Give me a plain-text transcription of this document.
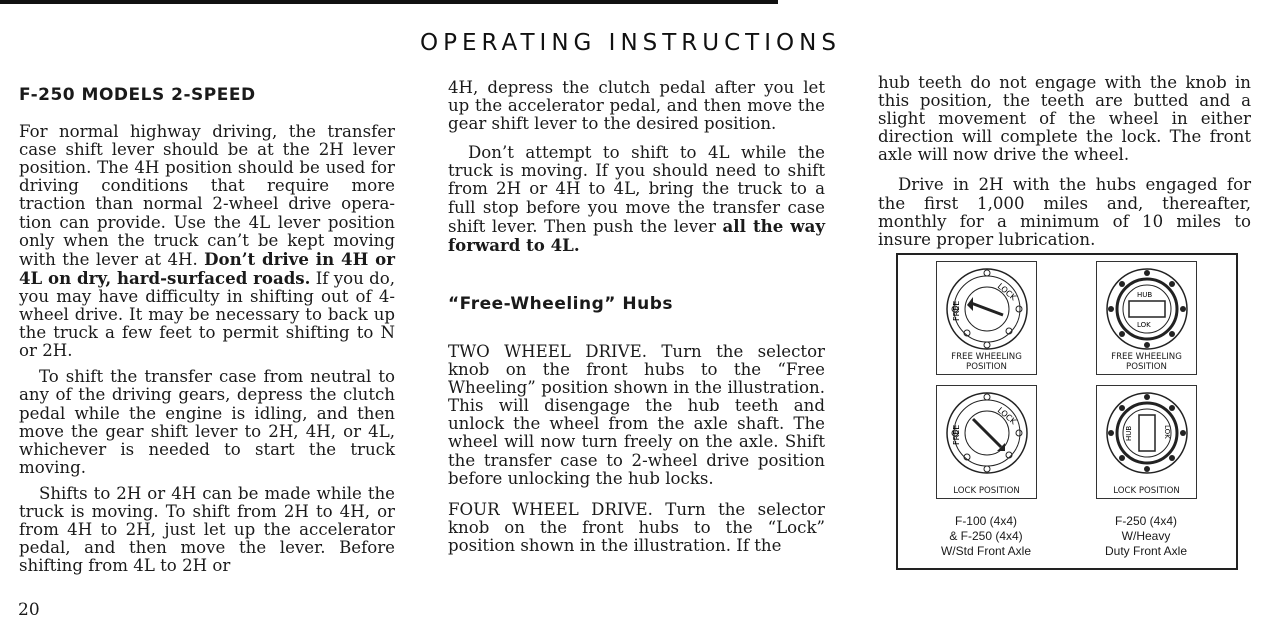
OPERATING INSTRUCTIONS
F-250 MODELS 2-SPEED

For normal highway driving, the transfer case shift lever should be at the 2H lever position. The 4H position should be used for driving conditions that require more traction than normal 2-wheel drive operation can provide. Use the 4L lever position only when the truck can’t be kept moving with the lever at 4H. Don’t drive in 4H or 4L on dry, hard-surfaced roads. If you do, you may have difficulty in shifting out of 4-wheel drive. It may be necessary to back up the truck a few feet to permit shifting to N or 2H.

To shift the transfer case from neutral to any of the driving gears, depress the clutch pedal while the engine is idling, and then move the gear shift lever to 2H, 4H, or 4L, whichever is needed to start the truck moving.

Shifts to 2H or 4H can be made while the truck is moving. To shift from 2H to 4H, or from 4H to 2H, just let up the accelerator pedal, and then move the lever. Before shifting from 4L to 2H or

20

4H, depress the clutch pedal after you let up the accelerator pedal, and then move the gear shift lever to the desired position.

Don’t attempt to shift to 4L while the truck is moving. If you should need to shift from 2H or 4H to 4L, bring the truck to a full stop before you move the transfer case shift lever. Then push the lever all the way forward to 4L.

“Free-Wheeling” Hubs

TWO WHEEL DRIVE. Turn the selector knob on the front hubs to the “Free Wheeling” position shown in the illustration. This will disengage the hub teeth and unlock the wheel from the axle shaft. The wheel will now turn freely on the axle. Shift the transfer case to 2-wheel drive position before unlocking the hub locks.

FOUR WHEEL DRIVE. Turn the selector knob on the front hubs to the “Lock” position shown in the illustration. If the

hub teeth do not engage with the knob in this position, the teeth are butted and a slight movement of the wheel in either direction will complete the lock. The front axle will now drive the wheel.

Drive in 2H with the hubs engaged for the first 1,000 miles and, thereafter, monthly for a minimum of 10 miles to insure proper lubrication.

LOCK
FREE
FREE WHEELING
POSITION
HUB
LOK
FREE WHEELING
POSITION
LOCK
FREE
LOCK POSITION
HUB	LOK
LOCK POSITION
F-100 (4x4)
& F-250 (4x4)
W/Std Front Axle
F-250 (4x4)
W/Heavy
Duty Front Axle
